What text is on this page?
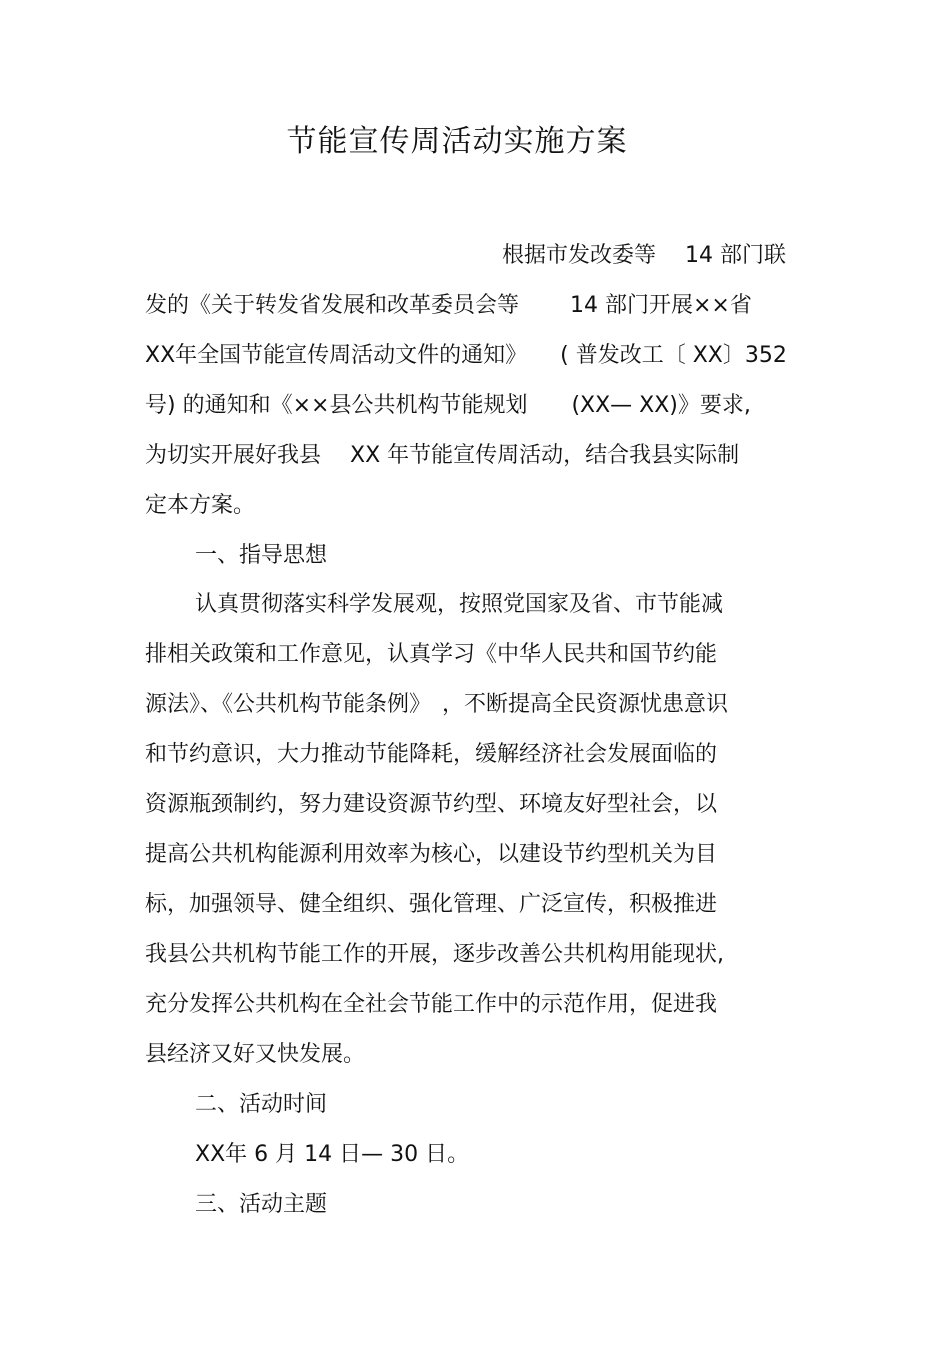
节能宣传周活动实施方案
根据市发改委等　 14 部门联
发的《关于转发省发展和改革委员会等　　 14 部门开展××省
XX年全国节能宣传周活动文件的通知》　　( 普发改工〔 XX〕352
号) 的通知和《××县公共机构节能规划　　(XX— XX)》要求,
为切实开展好我县　 XX 年节能宣传周活动，结合我县实际制
定本方案。
一、指导思想
认真贯彻落实科学发展观，按照党国家及省、市节能减
排相关政策和工作意见，认真学习《中华人民共和国节约能
源法》、《公共机构节能条例》　，不断提高全民资源忧患意识
和节约意识，大力推动节能降耗，缓解经济社会发展面临的
资源瓶颈制约，努力建设资源节约型、环境友好型社会，以
提高公共机构能源利用效率为核心，以建设节约型机关为目
标，加强领导、健全组织、强化管理、广泛宣传，积极推进
我县公共机构节能工作的开展，逐步改善公共机构用能现状,
充分发挥公共机构在全社会节能工作中的示范作用，促进我
县经济又好又快发展。
二、活动时间
XX年 6 月 14 日— 30 日。
三、活动主题
